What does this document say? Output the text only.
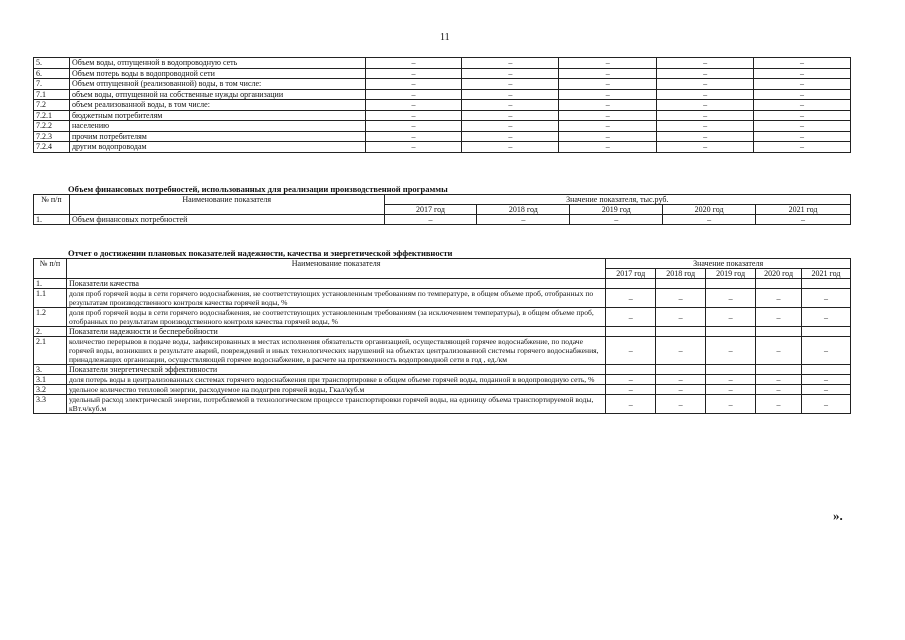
11
5.	Объем воды, отпущенной в водопроводную сеть	–	–	–	–	–
6.	Объем потерь воды в водопроводной сети	–	–	–	–	–
7.	Объем отпущенной (реализованной) воды, в том числе:	–	–	–	–	–
7.1	объем воды, отпущенной на собственные нужды организации	–	–	–	–	–
7.2	объем реализованной воды, в том числе:	–	–	–	–	–
7.2.1	бюджетным потребителям	–	–	–	–	–
7.2.2	населению	–	–	–	–	–
7.2.3	прочим потребителям	–	–	–	–	–
7.2.4	другим водопроводам	–	–	–	–	–
Объем финансовых потребностей, использованных для реализации производственной программы
№ п/п	Наименование показателя	Значение показателя, тыс.руб.				
		2017 год	2018 год	2019 год	2020 год	2021 год
1.	Объем финансовых потребностей	–	–	–	–	–
Отчет о достижении плановых показателей надежности, качества и энергетической эффективности
№ п/п	Наименование показателя	Значение показателя				
		2017 год	2018 год	2019 год	2020 год	2021 год
1.	Показатели качества					
1.1	доля проб горячей воды в сети горячего водоснабжения, не соответствующих установленным требованиям по температуре, в общем объеме проб, отобранных по результатам производственного контроля качества горячей воды, %	–	–	–	–	–
1.2	доля проб горячей воды в сети горячего водоснабжения, не соответствующих установленным требованиям (за исключением температуры), в общем объеме проб, отобранных по результатам производственного контроля качества горячей воды, %	–	–	–	–	–
2.	Показатели надежности и бесперебойности					
2.1	количество перерывов в подаче воды, зафиксированных в местах исполнения обязательств организацией, осуществляющей горячее водоснабжение, по подаче горячей воды, возникших в результате аварий, повреждений и иных технологических нарушений на объектах централизованной системы горячего водоснабжения, принадлежащих организации, осуществляющей горячее водоснабжение, в расчете на протяженность водопроводной сети в год , ед./км	–	–	–	–	–
3.	Показатели энергетической эффективности					
3.1	доля потерь воды в централизованных системах горячего водоснабжения при транспортировке в общем объеме горячей воды, поданной в водопроводную сеть, %	–	–	–	–	–
3.2	удельное количество тепловой энергии, расходуемое на подогрев горячей воды, Гкал/куб.м	–	–	–	–	–
3.3	удельный расход электрической энергии, потребляемой в технологическом процессе транспортировки горячей воды, на единицу объема транспортируемой воды, кВт.ч/куб.м	–	–	–	–	–
».
